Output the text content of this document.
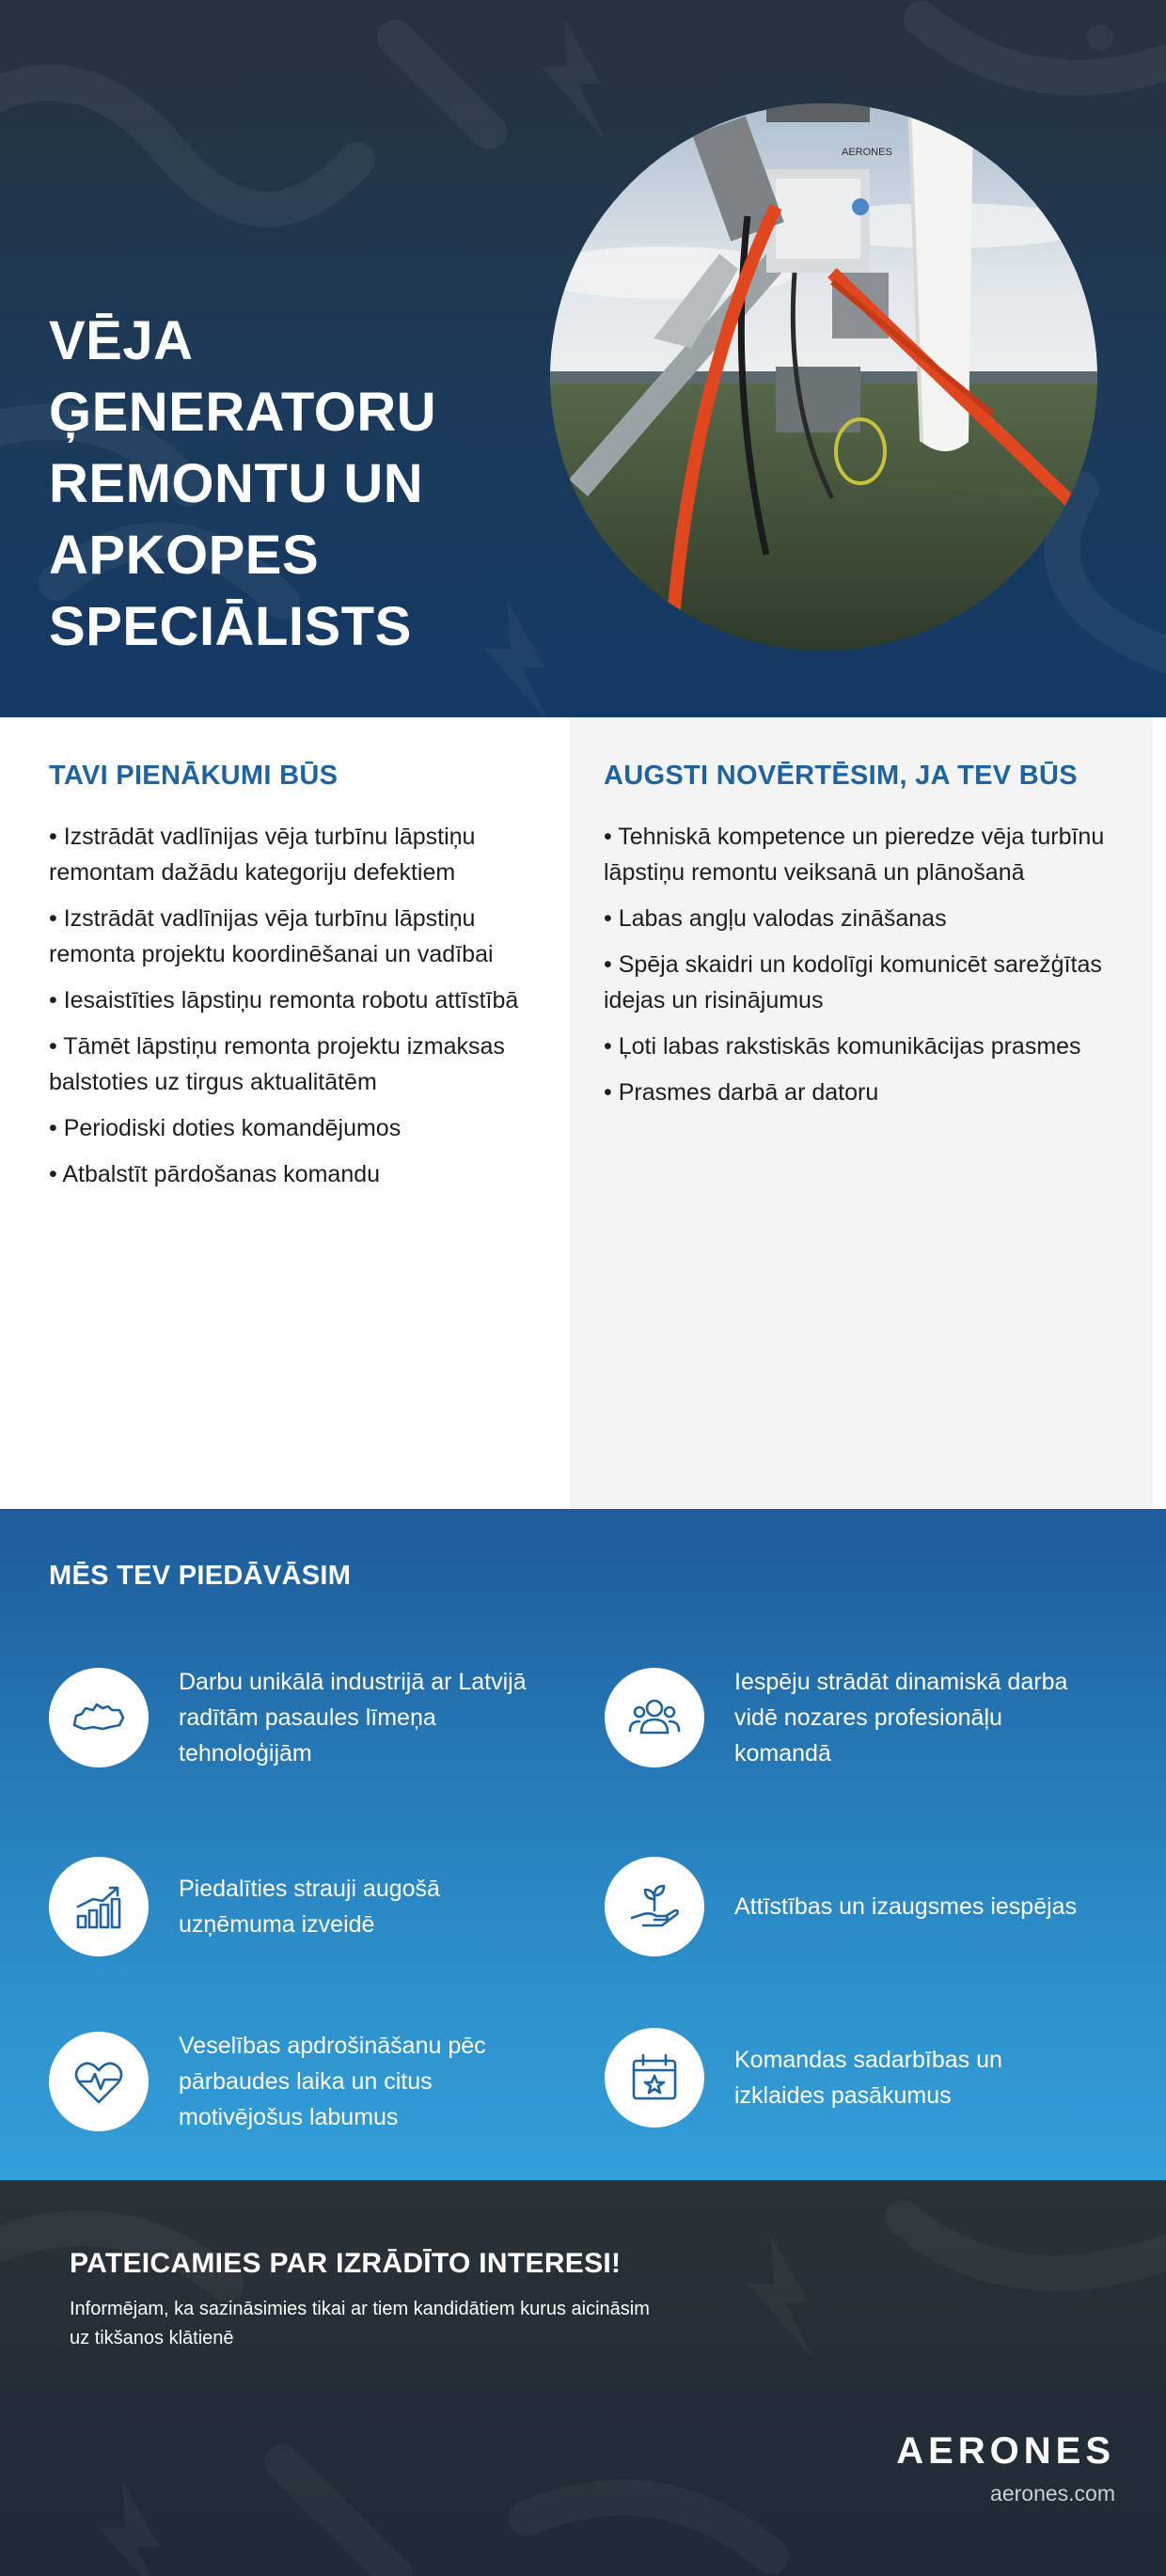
VĒJA
ĢENERATORU
REMONTU UN
APKOPES
SPECIĀLISTS
AERONES
TAVI PIENĀKUMI BŪS
• Izstrādāt vadlīnijas vēja turbīnu lāpstiņu remontam dažādu kategoriju defektiem
• Izstrādāt vadlīnijas vēja turbīnu lāpstiņu remonta projektu koordinēšanai un vadībai
• Iesaistīties lāpstiņu remonta robotu attīstībā
• Tāmēt lāpstiņu remonta projektu izmaksas balstoties uz tirgus aktualitātēm
• Periodiski doties komandējumos
• Atbalstīt pārdošanas komandu
AUGSTI NOVĒRTĒSIM, JA TEV BŪS
• Tehniskā kompetence un pieredze vēja turbīnu lāpstiņu remontu veiksanā un plānošanā
• Labas angļu valodas zināšanas
• Spēja skaidri un kodolīgi komunicēt sarežģītas idejas un risinājumus
• Ļoti labas rakstiskās komunikācijas prasmes
• Prasmes darbā ar datoru
MĒS TEV PIEDĀVĀSIM
Darbu unikālā industrijā ar Latvijā radītām pasaules līmeņa tehnoloģijām
Iespēju strādāt dinamiskā darba vidē nozares profesionāļu komandā
Piedalīties strauji augošā uzņēmuma izveidē
Attīstības un izaugsmes iespējas
Veselības apdrošināšanu pēc pārbaudes laika un citus motivējošus labumus
Komandas sadarbības un izklaides pasākumus
PATEICAMIES PAR IZRĀDĪTO INTERESI!
Informējam, ka sazināsimies tikai ar tiem kandidātiem kurus aicināsim uz tikšanos klātienē
AERONES
aerones.com
